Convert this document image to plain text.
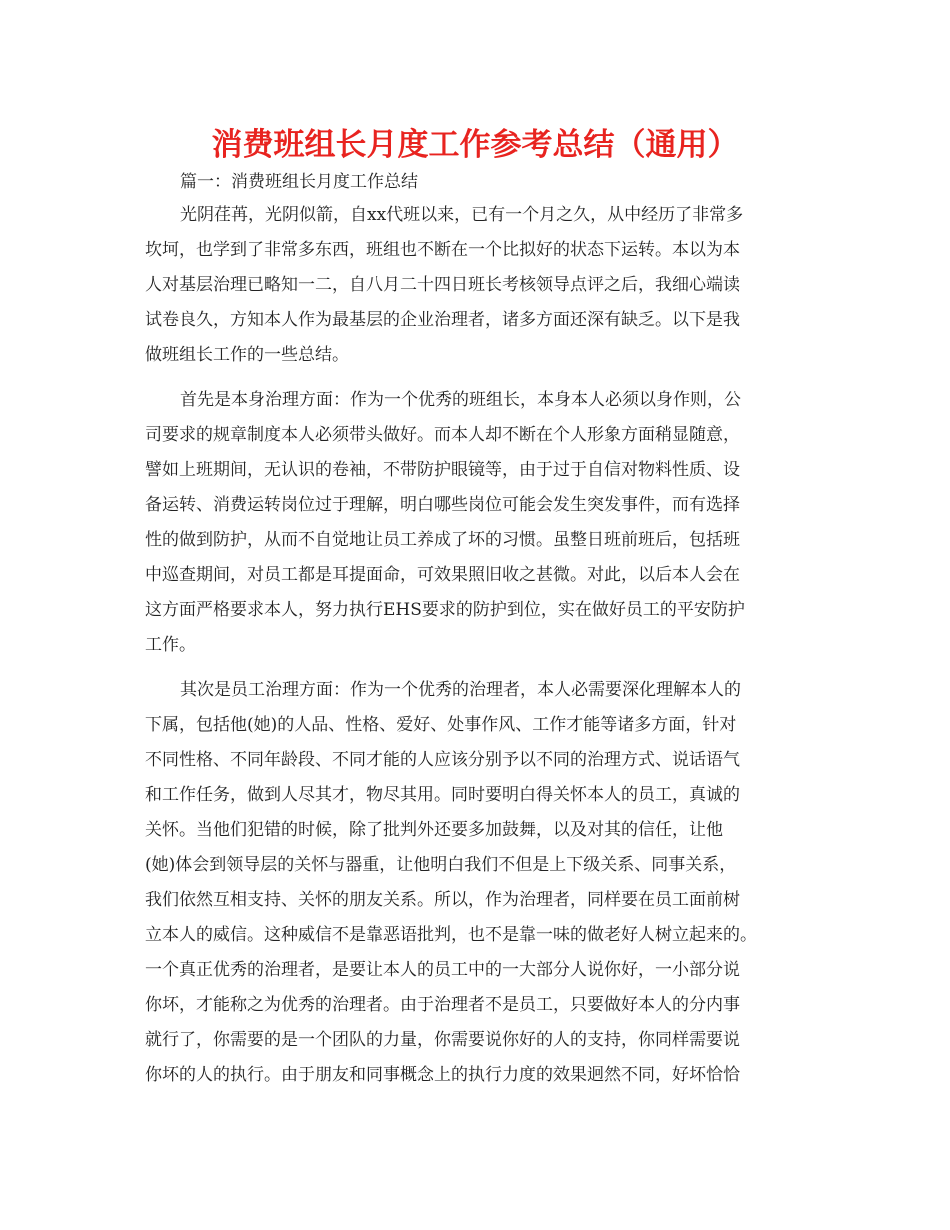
消费班组长月度工作参考总结（通用）

篇一：消费班组长月度工作总结

光阴荏苒，光阴似箭，自xx代班以来，已有一个月之久，从中经历了非常多
坎坷，也学到了非常多东西，班组也不断在一个比拟好的状态下运转。本以为本
人对基层治理已略知一二，自八月二十四日班长考核领导点评之后，我细心端读
试卷良久，方知本人作为最基层的企业治理者，诸多方面还深有缺乏。以下是我
做班组长工作的一些总结。

首先是本身治理方面：作为一个优秀的班组长，本身本人必须以身作则，公
司要求的规章制度本人必须带头做好。而本人却不断在个人形象方面稍显随意，
譬如上班期间，无认识的卷袖，不带防护眼镜等，由于过于自信对物料性质、设
备运转、消费运转岗位过于理解，明白哪些岗位可能会发生突发事件，而有选择
性的做到防护，从而不自觉地让员工养成了坏的习惯。虽整日班前班后，包括班
中巡查期间，对员工都是耳提面命，可效果照旧收之甚微。对此，以后本人会在
这方面严格要求本人，努力执行EHS要求的防护到位，实在做好员工的平安防护
工作。

其次是员工治理方面：作为一个优秀的治理者，本人必需要深化理解本人的
下属，包括他(她)的人品、性格、爱好、处事作风、工作才能等诸多方面，针对
不同性格、不同年龄段、不同才能的人应该分别予以不同的治理方式、说话语气
和工作任务，做到人尽其才，物尽其用。同时要明白得关怀本人的员工，真诚的
关怀。当他们犯错的时候，除了批判外还要多加鼓舞，以及对其的信任，让他
(她)体会到领导层的关怀与器重，让他明白我们不但是上下级关系、同事关系，
我们依然互相支持、关怀的朋友关系。所以，作为治理者，同样要在员工面前树
立本人的威信。这种威信不是靠恶语批判，也不是靠一味的做老好人树立起来的。
一个真正优秀的治理者，是要让本人的员工中的一大部分人说你好，一小部分说
你坏，才能称之为优秀的治理者。由于治理者不是员工，只要做好本人的分内事
就行了，你需要的是一个团队的力量，你需要说你好的人的支持，你同样需要说
你坏的人的执行。由于朋友和同事概念上的执行力度的效果迥然不同，好坏恰恰
